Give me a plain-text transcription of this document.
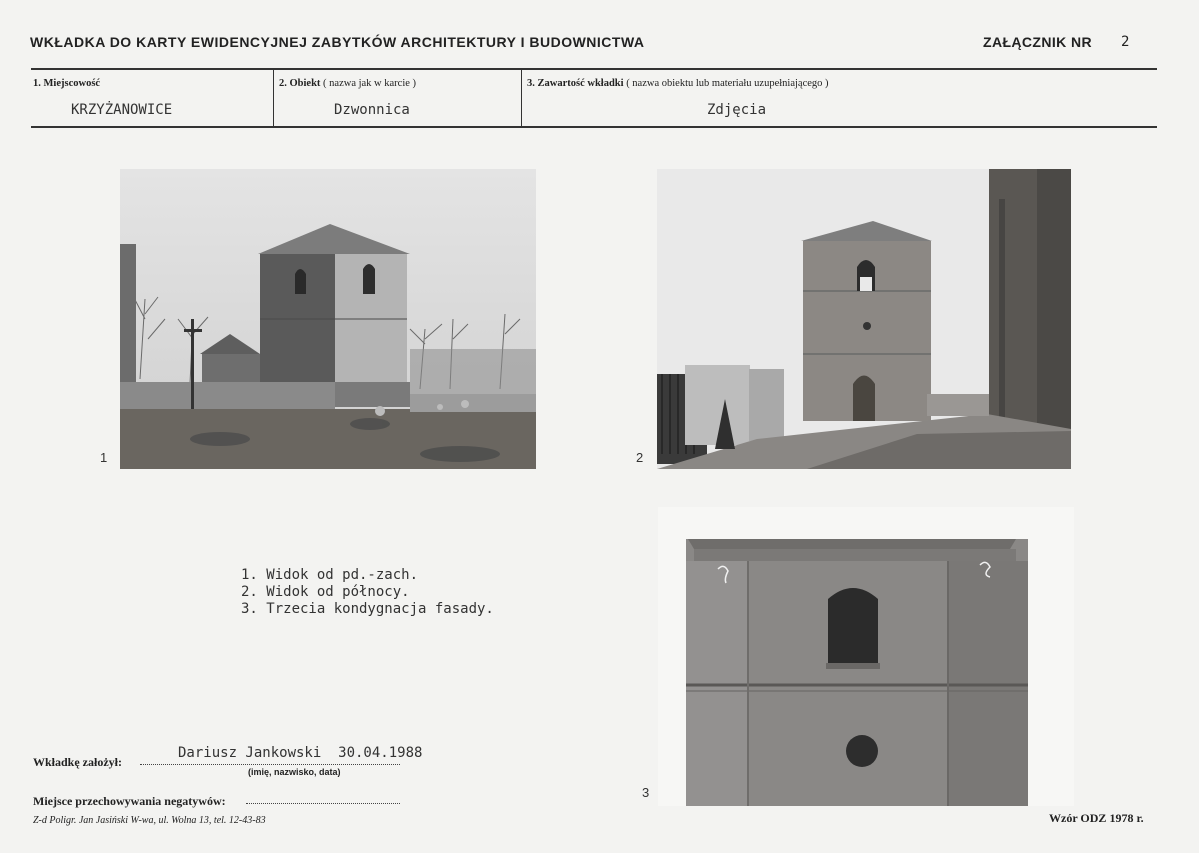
WKŁADKA DO KARTY EWIDENCYJNEJ ZABYTKÓW ARCHITEKTURY I BUDOWNICTWA	ZAŁĄCZNIK NR 2
1. Miejscowość	2. Obiekt ( nazwa jak w karcie )	3. Zawartość wkładki ( nazwa obiektu lub materiału uzupełniającego )
KRZYŻANOWICE	Dzwonnica	Zdjęcia
1	2
3
1. Widok od pd.-zach.
2. Widok od północy.
3. Trzecia kondygnacja fasady.
Wkładkę założył:
Dariusz Jankowski  30.04.1988
(imię, nazwisko, data)
Miejsce przechowywania negatywów:
Z-d Poligr. Jan Jasiński W-wa, ul. Wolna 13, tel. 12-43-83	Wzór ODZ 1978 r.
